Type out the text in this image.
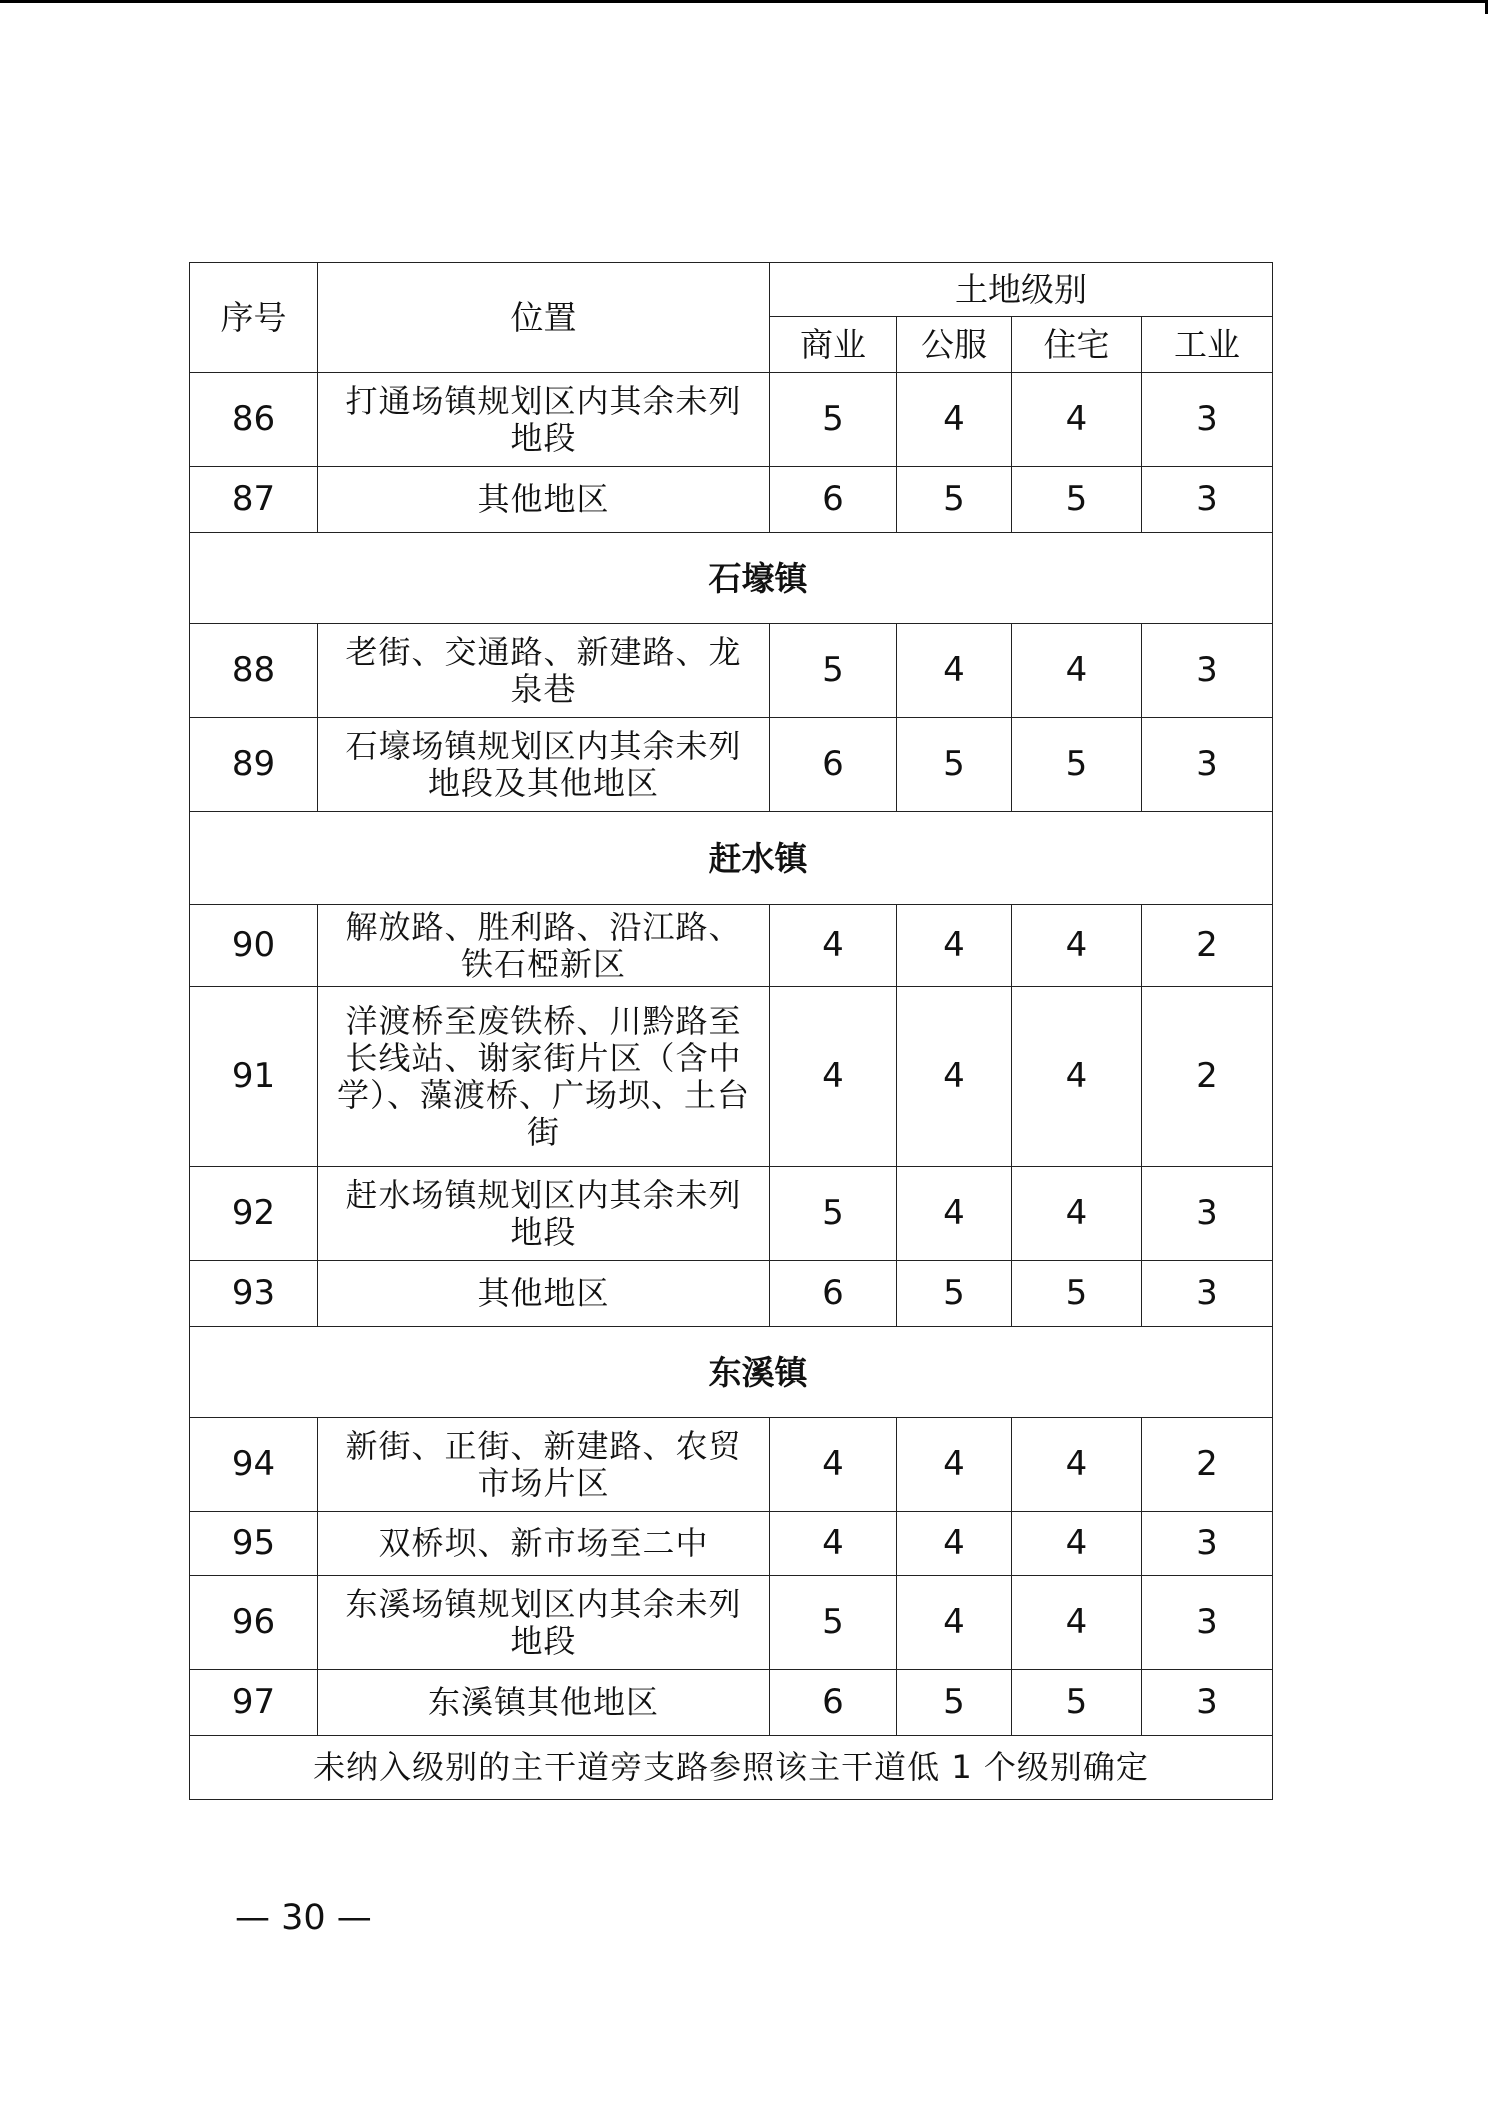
序号	位置	土地级别			
		商业	公服	住宅	工业
86	打通场镇规划区内其余未列地段	5	4	4	3
87	其他地区	6	5	5	3
石壕镇					
88	老街、交通路、新建路、龙泉巷	5	4	4	3
89	石壕场镇规划区内其余未列地段及其他地区	6	5	5	3
赶水镇					
90	解放路、胜利路、沿江路、铁石椏新区	4	4	4	2
91	洋渡桥至废铁桥、川黔路至长线站、谢家街片区（含中学）、藻渡桥、广场坝、土台街	4	4	4	2
92	赶水场镇规划区内其余未列地段	5	4	4	3
93	其他地区	6	5	5	3
东溪镇					
94	新街、正街、新建路、农贸市场片区	4	4	4	2
95	双桥坝、新市场至二中	4	4	4	3
96	东溪场镇规划区内其余未列地段	5	4	4	3
97	东溪镇其他地区	6	5	5	3
未纳入级别的主干道旁支路参照该主干道低 1 个级别确定					
— 30 —
